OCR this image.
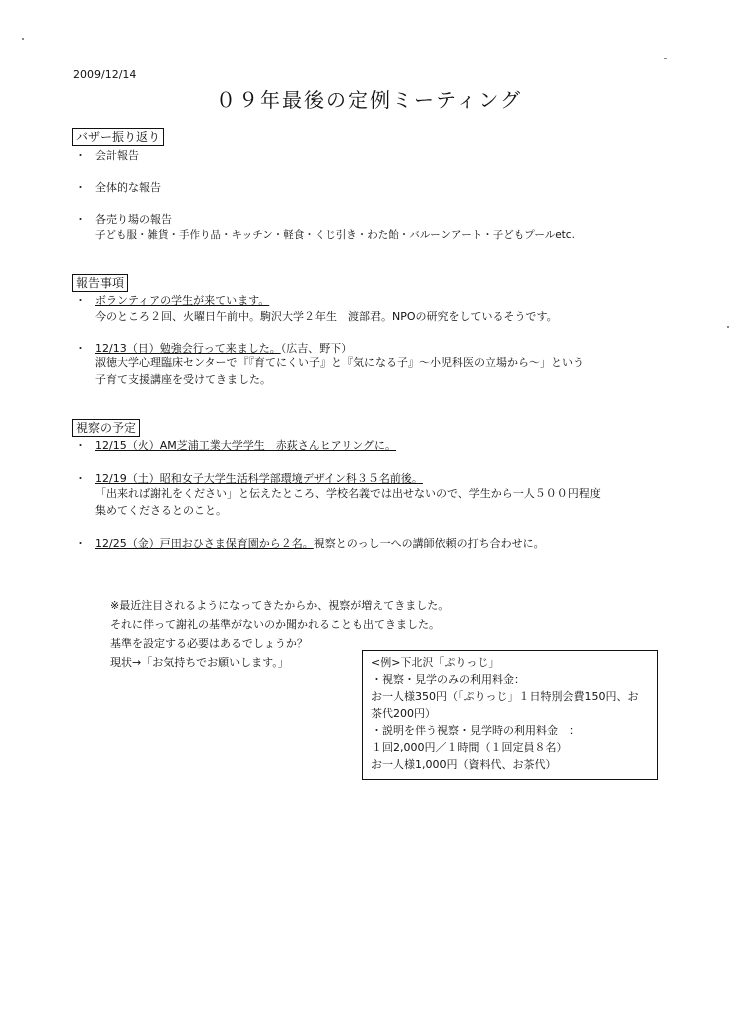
2009/12/14
０９年最後の定例ミーティング
バザー振り返り
・ 会計報告
・ 全体的な報告
・ 各売り場の報告
子ども服・雑貨・手作り品・キッチン・軽食・くじ引き・わた飴・バルーンアート・子どもプールetc.
報告事項
・ ボランティアの学生が来ています。
今のところ２回、火曜日午前中。駒沢大学２年生　渡部君。NPOの研究をしているそうです。
・ 12/13（日）勉強会行って来ました。（広吉、野下）
淑徳大学心理臨床センターで『『育てにくい子』と『気になる子』～小児科医の立場から～」という
子育て支援講座を受けてきました。
視察の予定
・ 12/15（火）AM芝浦工業大学学生　赤荻さんヒアリングに。
・ 12/19（土）昭和女子大学生活科学部環境デザイン科３５名前後。
「出来れば謝礼をください」と伝えたところ、学校名義では出せないので、学生から一人５００円程度
集めてくださるとのこと。
・ 12/25（金）戸田おひさま保育園から２名。視察とのっし一への講師依頼の打ち合わせに。
※最近注目されるようになってきたからか、視察が増えてきました。
それに伴って謝礼の基準がないのか聞かれることも出てきました。
基準を設定する必要はあるでしょうか？
現状→「お気持ちでお願いします。」	<例>下北沢「ぷりっじ」
・視察・見学のみの利用料金：
お一人様350円（「ぷりっじ」１日特別会費150円、お
茶代200円）
・説明を伴う視察・見学時の利用料金　：
１回2,000円／１時間（１回定員８名）
お一人様1,000円（資料代、お茶代）
